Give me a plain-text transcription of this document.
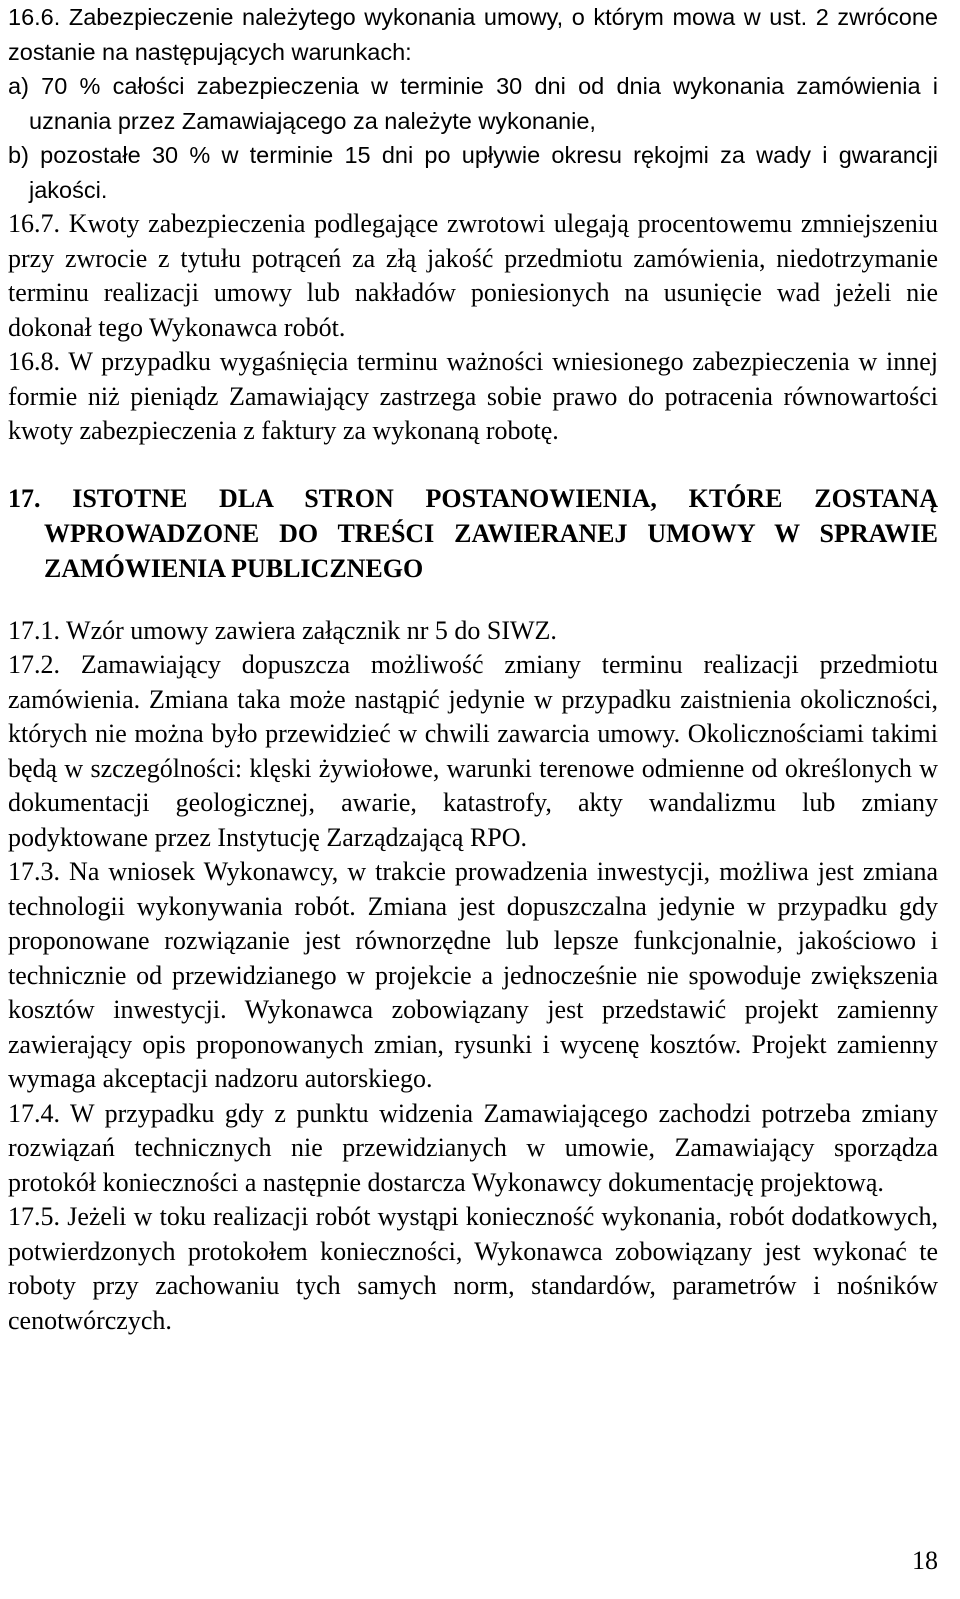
16.6. Zabezpieczenie należytego wykonania umowy, o którym mowa w ust. 2 zwrócone zostanie na następujących warunkach:

a) 70 % całości zabezpieczenia w terminie 30 dni od dnia wykonania zamówienia i uznania przez Zamawiającego za należyte wykonanie,

b) pozostałe 30 % w terminie 15 dni po upływie okresu rękojmi za wady i gwarancji jakości.

16.7. Kwoty zabezpieczenia podlegające zwrotowi ulegają procentowemu zmniejszeniu przy zwrocie z tytułu potrąceń za złą jakość przedmiotu zamówienia, niedotrzymanie terminu realizacji umowy lub nakładów poniesionych na usunięcie wad jeżeli nie dokonał tego Wykonawca robót.

16.8. W przypadku wygaśnięcia terminu ważności wniesionego zabezpieczenia w innej formie niż pieniądz Zamawiający zastrzega sobie prawo do potracenia równowartości kwoty zabezpieczenia z faktury za wykonaną robotę.

17. ISTOTNE DLA STRON POSTANOWIENIA, KTÓRE ZOSTANĄ WPROWADZONE DO TREŚCI ZAWIERANEJ UMOWY W SPRAWIE ZAMÓWIENIA PUBLICZNEGO

17.1. Wzór umowy zawiera załącznik nr 5 do SIWZ.

17.2. Zamawiający dopuszcza możliwość zmiany terminu realizacji przedmiotu zamówienia. Zmiana taka może nastąpić jedynie w przypadku zaistnienia okoliczności, których nie można było przewidzieć w chwili zawarcia umowy. Okolicznościami takimi będą w szczególności: klęski żywiołowe, warunki terenowe odmienne od określonych w dokumentacji geologicznej, awarie, katastrofy, akty wandalizmu lub zmiany podyktowane przez Instytucję Zarządzającą RPO.

17.3. Na wniosek Wykonawcy, w trakcie prowadzenia inwestycji, możliwa jest zmiana technologii wykonywania robót. Zmiana jest dopuszczalna jedynie w przypadku gdy proponowane rozwiązanie jest równorzędne lub lepsze funkcjonalnie, jakościowo i technicznie od przewidzianego w projekcie a jednocześnie nie spowoduje zwiększenia kosztów inwestycji. Wykonawca zobowiązany jest przedstawić projekt zamienny zawierający opis proponowanych zmian, rysunki i wycenę kosztów. Projekt zamienny wymaga akceptacji nadzoru autorskiego.

17.4. W przypadku gdy z punktu widzenia Zamawiającego zachodzi potrzeba zmiany rozwiązań technicznych nie przewidzianych w umowie, Zamawiający sporządza protokół konieczności a następnie dostarcza Wykonawcy dokumentację projektową.

17.5. Jeżeli w toku realizacji robót wystąpi konieczność wykonania, robót dodatkowych, potwierdzonych protokołem konieczności, Wykonawca zobowiązany jest wykonać te roboty przy zachowaniu tych samych norm, standardów, parametrów i nośników cenotwórczych.

18
